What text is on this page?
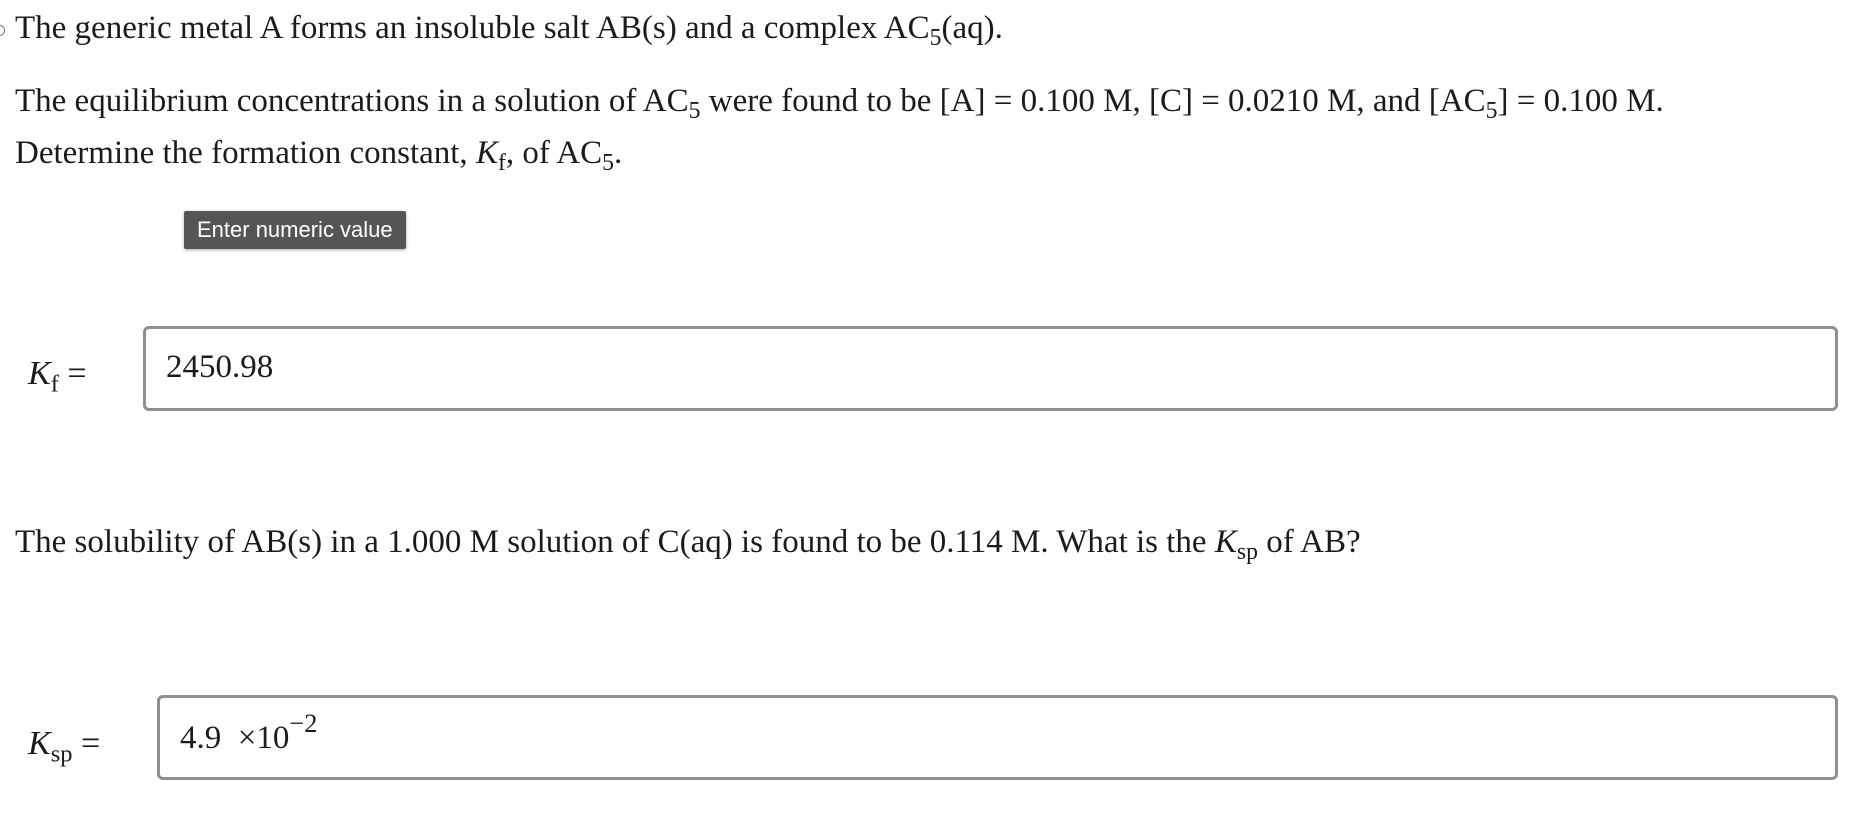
The generic metal A forms an insoluble salt AB(s) and a complex $AC_5(aq)$.

The equilibrium concentrations in a solution of $AC_5$ were found to be [A] = 0.100 M, [C] = 0.0210 M, and $[AC_5] = 0.100$ M.
Determine the formation constant, $K_f$, of $AC_5$.

Enter numeric value
$K_f = 2450.98$

The solubility of AB(s) in a 1.000 M solution of C(aq) is found to be 0.114 M. What is the $K_{sp}$ of AB?

$K_{sp} = 4.9 \times 10^{-2}$
